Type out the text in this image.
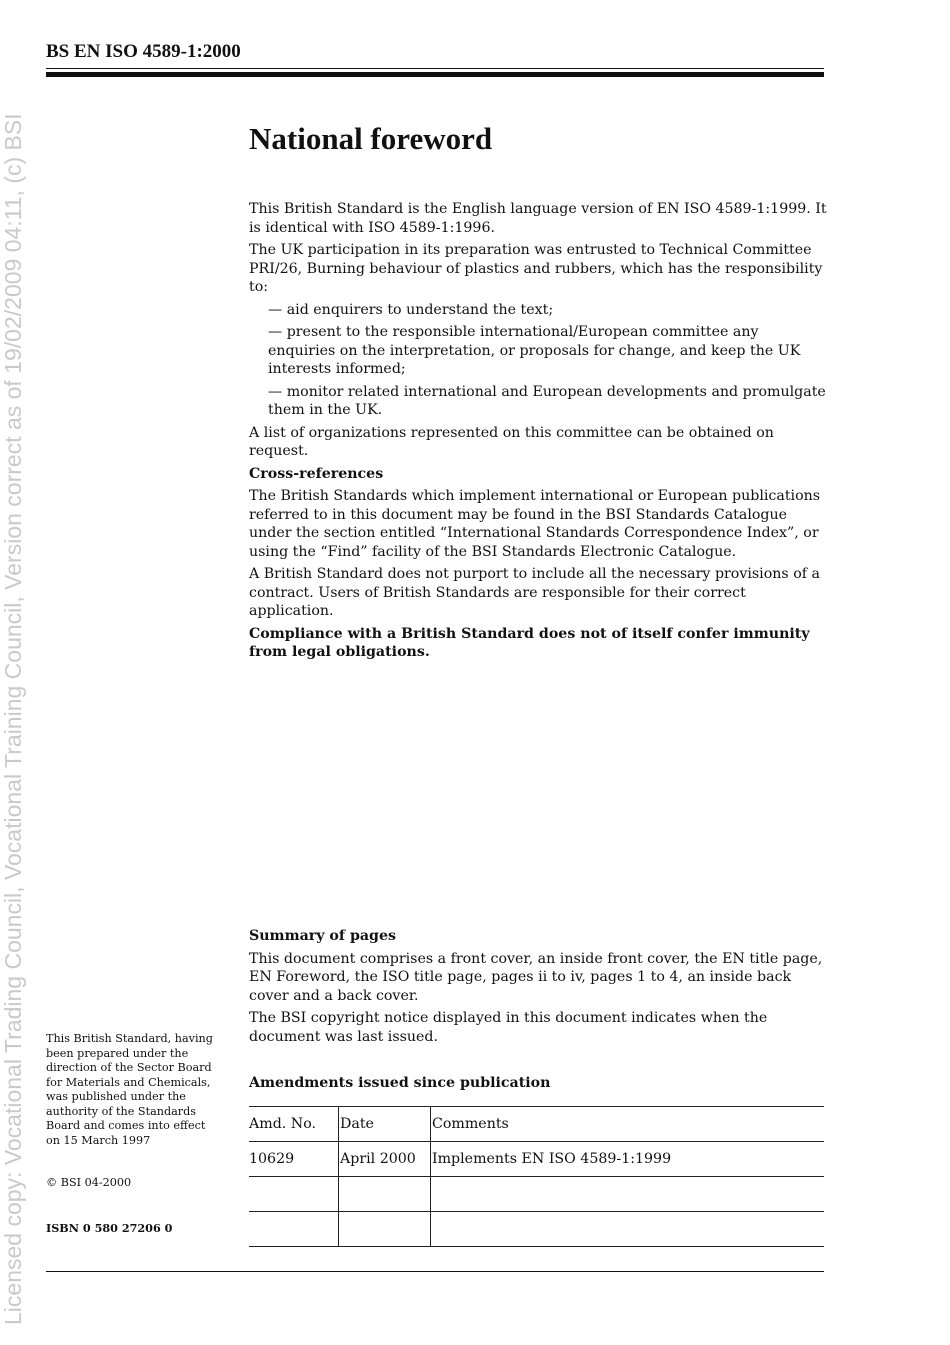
Licensed copy: Vocational Trading Council, Vocational Training Council, Version correct as of 19/02/2009 04:11, (c) BSI
BS EN ISO 4589-1:2000
National foreword

This British Standard is the English language version of EN ISO 4589-1:1999. It is identical with ISO 4589-1:1996.

The UK participation in its preparation was entrusted to Technical Committee PRI/26, Burning behaviour of plastics and rubbers, which has the responsibility to:

— aid enquirers to understand the text;

— present to the responsible international/European committee any enquiries on the interpretation, or proposals for change, and keep the UK interests informed;

— monitor related international and European developments and promulgate them in the UK.

A list of organizations represented on this committee can be obtained on request.

Cross-references

The British Standards which implement international or European publications referred to in this document may be found in the BSI Standards Catalogue under the section entitled “International Standards Correspondence Index”, or using the “Find” facility of the BSI Standards Electronic Catalogue.

A British Standard does not purport to include all the necessary provisions of a contract. Users of British Standards are responsible for their correct application.

Compliance with a British Standard does not of itself confer immunity from legal obligations.

Summary of pages

This document comprises a front cover, an inside front cover, the EN title page, EN Foreword, the ISO title page, pages ii to iv, pages 1 to 4, an inside back cover and a back cover.

The BSI copyright notice displayed in this document indicates when the document was last issued.

Amendments issued since publication
Amd. No.	Date	Comments
10629	April 2000	Implements EN ISO 4589-1:1999

This British Standard, having been prepared under the direction of the Sector Board for Materials and Chemicals, was published under the authority of the Standards Board and comes into effect on 15 March 1997
© BSI 04-2000
ISBN 0 580 27206 0
